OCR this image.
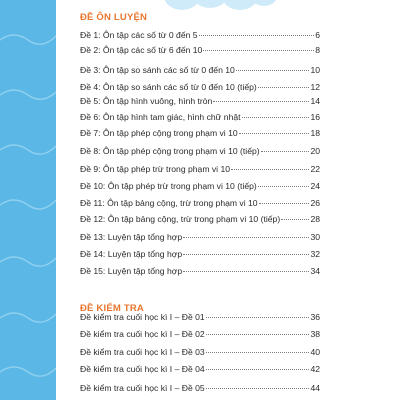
ĐỀ ÔN LUYỆN
Đề 1: Ôn tập các số từ 0 đến 5	6
Đề 2: Ôn tập các số từ 6 đến 10	8
Đề 3: Ôn tập so sánh các số từ 0 đến 10	10
Đề 4: Ôn tập so sánh các số từ 0 đến 10 (tiếp)	12
Đề 5: Ôn tập hình vuông, hình tròn	14
Đề 6: Ôn tập hình tam giác, hình chữ nhật	16
Đề 7: Ôn tập phép cộng trong phạm vi 10	18
Đề 8: Ôn tập phép cộng trong phạm vi 10 (tiếp)	20
Đề 9: Ôn tập phép trừ trong phạm vi 10	22
Đề 10: Ôn tập phép trừ trong phạm vi 10 (tiếp)	24
Đề 11: Ôn tập bảng cộng, trừ trong phạm vi 10	26
Đề 12: Ôn tập bảng cộng, trừ trong phạm vi 10 (tiếp)	28
Đề 13: Luyện tập tổng hợp	30
Đề 14: Luyện tập tổng hợp	32
Đề 15: Luyện tập tổng hợp	34
ĐỀ KIỂM TRA
Đề kiểm tra cuối học kì I – Đề 01	36
Đề kiểm tra cuối học kì I – Đề 02	38
Đề kiểm tra cuối học kì I – Đề 03	40
Đề kiểm tra cuối học kì I – Đề 04	42
Đề kiểm tra cuối học kì I – Đề 05	44
